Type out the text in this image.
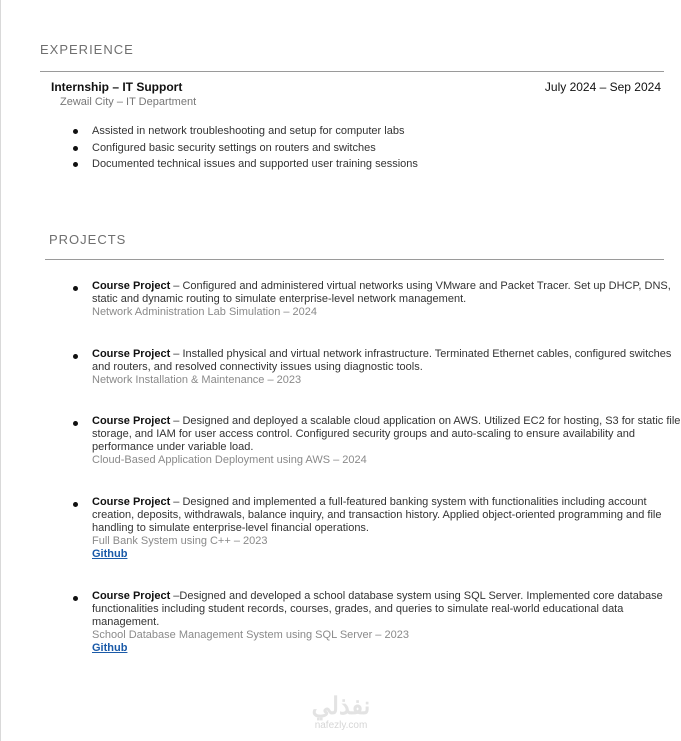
EXPERIENCE
Internship – IT Support	July 2024 – Sep 2024
Zewail City – IT Department
Assisted in network troubleshooting and setup for computer labs
Configured basic security settings on routers and switches
Documented technical issues and supported user training sessions
PROJECTS
Course Project – Configured and administered virtual networks using VMware and Packet Tracer. Set up DHCP, DNS, static and dynamic routing to simulate enterprise-level network management.
Network Administration Lab Simulation – 2024
Course Project – Installed physical and virtual network infrastructure. Terminated Ethernet cables, configured switches and routers, and resolved connectivity issues using diagnostic tools.
Network Installation & Maintenance – 2023
Course Project – Designed and deployed a scalable cloud application on AWS. Utilized EC2 for hosting, S3 for static file storage, and IAM for user access control. Configured security groups and auto-scaling to ensure availability and performance under variable load.
Cloud-Based Application Deployment using AWS – 2024
Course Project – Designed and implemented a full-featured banking system with functionalities including account creation, deposits, withdrawals, balance inquiry, and transaction history. Applied object-oriented programming and file handling to simulate enterprise-level financial operations.
Full Bank System using C++ – 2023
Github
Course Project –Designed and developed a school database system using SQL Server. Implemented core database functionalities including student records, courses, grades, and queries to simulate real-world educational data management.
School Database Management System using SQL Server – 2023
Github
نفذلي
nafezly.com
